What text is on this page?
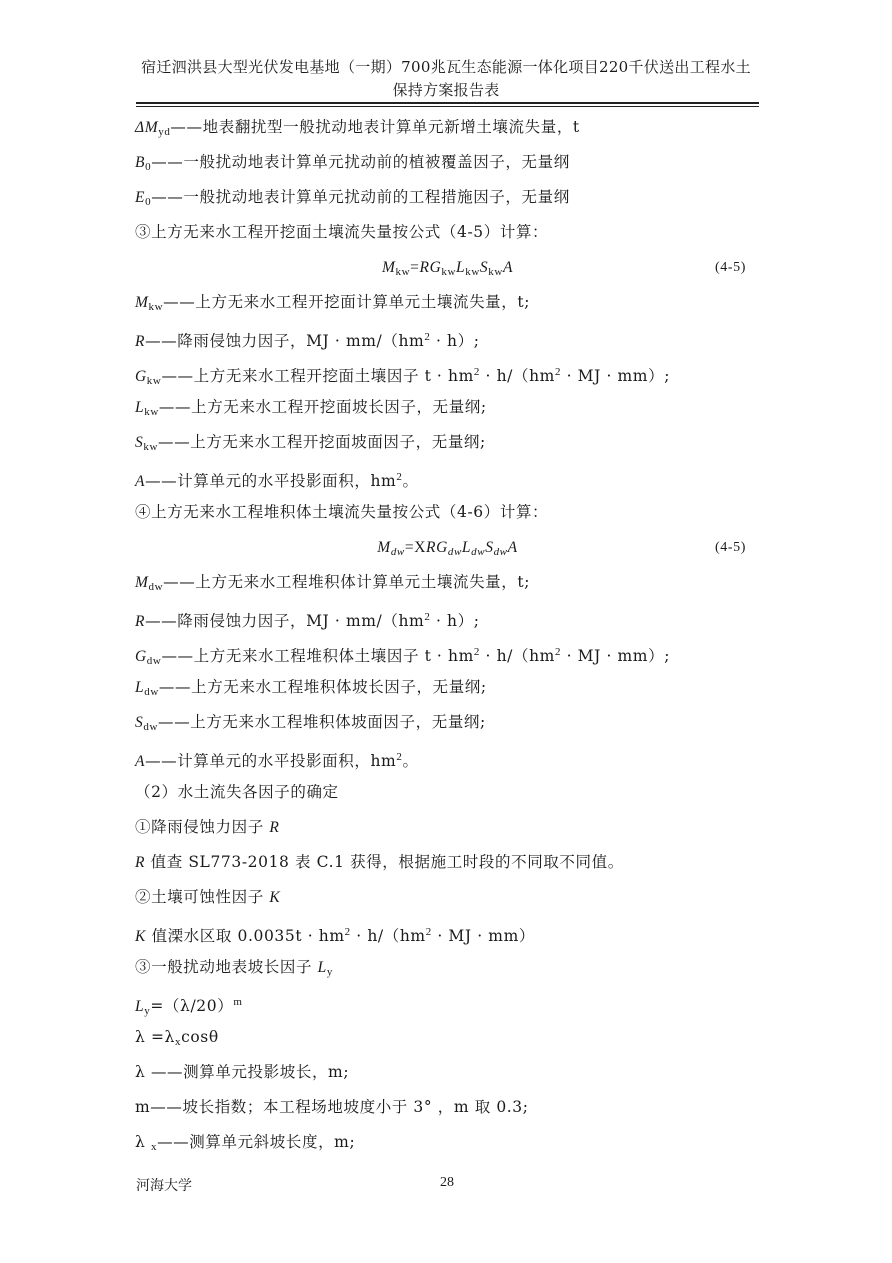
宿迁泗洪县大型光伏发电基地（一期）700兆瓦生态能源一体化项目220千伏送出工程水土
保持方案报告表
$\Delta M_{yd}——$地表翻扰型一般扰动地表计算单元新增土壤流失量，t
$B_0——$一般扰动地表计算单元扰动前的植被覆盖因子，无量纲
$E_0——$一般扰动地表计算单元扰动前的工程措施因子，无量纲
③上方无来水工程开挖面土壤流失量按公式（4-5）计算：
$M_{kw}=RG_{kw}L_{kw}S_{kw}A$	(4-5)
$M_{kw}——$上方无来水工程开挖面计算单元土壤流失量，t;
R——降雨侵蚀力因子，MJ · $mm/(hm^2 \cdot h)$;
$G_{kw}——$上方无来水工程开挖面土壤因子 $t \cdot hm^2 \cdot h/(hm^2$ · MJ · mm）;
$L_{kw}——$上方无来水工程开挖面坡长因子，无量纲;
$S_{kw}——$上方无来水工程开挖面坡面因子，无量纲;
A——计算单元的水平投影面积，$hm^2$。
④上方无来水工程堆积体土壤流失量按公式（4-6）计算：
$M_{dw}=XRG_{dw}L_{dw}S_{dw}A$	(4-5)
$M_{dw}——$上方无来水工程堆积体计算单元土壤流失量，t;
R——降雨侵蚀力因子，MJ · $mm/(hm^2 \cdot h)$;
$G_{dw}——$上方无来水工程堆积体土壤因子 $t \cdot hm^2 \cdot h/(hm^2$ · MJ · mm）;
$L_{dw}——$上方无来水工程堆积体坡长因子，无量纲;
$S_{dw}——$上方无来水工程堆积体坡面因子，无量纲;
A——计算单元的水平投影面积，$hm^2$。
（2）水土流失各因子的确定
①降雨侵蚀力因子 R
R 值查 SL773-2018 表 C.1 获得，根据施工时段的不同取不同值。
②土壤可蚀性因子 K
K 值溧水区取 $0.0035t \cdot hm^2 \cdot h/(hm^2$ · MJ · mm）
③一般扰动地表坡长因子 $L_y$
$L_y=(\lambda/20)^m$
$\lambda =\lambda_x\cos\theta$
λ ——测算单元投影坡长，m;
m——坡长指数；本工程场地坡度小于 3° ，m 取 0.3;
λ $_x$——测算单元斜坡长度，m;
河海大学	28
